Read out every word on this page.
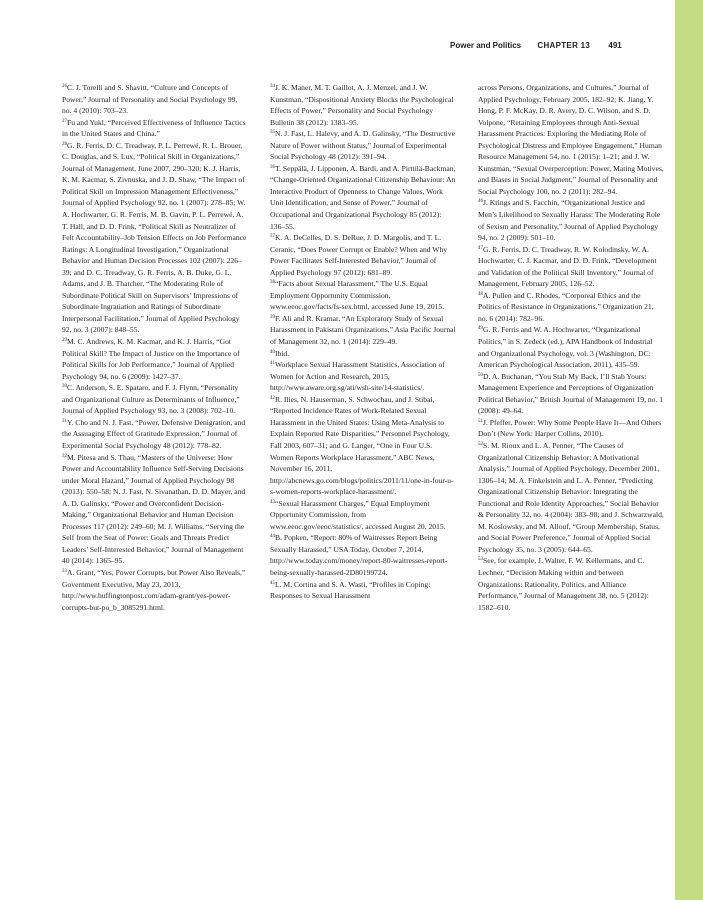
Power and Politics CHAPTER 13 491

$^{26}$C. J. Torelli and S. Shavitt, “Culture and Concepts of Power,” Journal of Personality and Social Psychology 99, no. 4 (2010): 703–23.

$^{27}$Fu and Yukl, “Perceived Effectiveness of Influence Tactics in the United States and China.”

$^{28}$G. R. Ferris, D. C. Treadway, P. L. Perrewé, R. L. Brouer, C. Douglas, and S. Lux, “Political Skill in Organizations,” Journal of Management, June 2007, 290–320; K. J. Harris, K. M. Kacmar, S. Zivnuska, and J. D. Shaw, “The Impact of Political Skill on Impression Management Effectiveness,” Journal of Applied Psychology 92, no. 1 (2007): 278–85; W. A. Hochwarter, G. R. Ferris, M. B. Gavin, P. L. Perrewé, A. T. Hall, and D. D. Frink, “Political Skill as Neutralizer of Felt Accountability–Job Tension Effects on Job Performance Ratings: A Longitudinal Investigation,” Organizational Behavior and Human Decision Processes 102 (2007): 226–39; and D. C. Treadway, G. R. Ferris, A. B. Duke, G. L. Adams, and J. B. Thatcher, “The Moderating Role of Subordinate Political Skill on Supervisors’ Impressions of Subordinate Ingratiation and Ratings of Subordinate Interpersonal Facilitation,” Journal of Applied Psychology 92, no. 3 (2007): 848–55.

$^{29}$M. C. Andrews, K. M. Kacmar, and K. J. Harris, “Got Political Skill? The Impact of Justice on the Importance of Political Skills for Job Performance,” Journal of Applied Psychology 94, no. 6 (2009): 1427–37.

$^{30}$C. Anderson, S. E. Spataro, and F. J. Flynn, “Personality and Organizational Culture as Determinants of Influence,” Journal of Applied Psychology 93, no. 3 (2008): 702–10.

$^{31}$Y. Cho and N. J. Fast, “Power, Defensive Denigration, and the Assuaging Effect of Gratitude Expression,” Journal of Experimental Social Psychology 48 (2012): 778–82.

$^{32}$M. Pitesa and S. Thau, “Masters of the Universe: How Power and Accountability Influence Self-Serving Decisions under Moral Hazard,” Journal of Applied Psychology 98 (2013): 550–58; N. J. Fast, N. Sivanathan, D. D. Mayer, and A. D. Galinsky, “Power and Overconfident Decision-Making,” Organizational Behavior and Human Decision Processes 117 (2012): 249–60; M. J. Williams, “Serving the Self from the Seat of Power: Goals and Threats Predict Leaders’ Self-Interested Behavior,” Journal of Management 40 (2014): 1365–95.

$^{33}$A. Grant, “Yes, Power Corrupts, but Power Also Reveals,” Government Executive, May 23, 2013, http://www.huffingtonpost.com/adam-grant/yes-power-corrupts-but-po_b_3085291.html.

$^{34}$J. K. Maner, M. T. Gaillot, A. J. Menzel, and J. W. Kunstman, “Dispositional Anxiety Blocks the Psychological Effects of Power,” Personality and Social Psychology Bulletin 38 (2012): 1383–95.

$^{35}$N. J. Fast, L. Halevy, and A. D. Galinsky, “The Destructive Nature of Power without Status,” Journal of Experimental Social Psychology 48 (2012): 391–94.

$^{36}$T. Seppälä, J. Lipponen, A. Bardi, and A. Pirttilä-Backman, “Change-Oriented Organizational Citizenship Behaviour: An Interactive Product of Openness to Change Values, Work Unit Identification, and Sense of Power,” Journal of Occupational and Organizational Psychology 85 (2012): 136–55.

$^{37}$K. A. DeCelles, D. S. DeRue, J. D. Margolis, and T. L. Ceranic, “Does Power Corrupt or Enable? When and Why Power Facilitates Self-Interested Behavior,” Journal of Applied Psychology 97 (2012): 681–89.

$^{38}$“Facts about Sexual Harassment,” The U.S. Equal Employment Opportunity Commission, www.eeoc.gov/facts/fs-sex.html, accessed June 19, 2015.

$^{39}$F. Ali and R. Kramar, “An Exploratory Study of Sexual Harassment in Pakistani Organizations,” Asia Pacific Journal of Management 32, no. 1 (2014): 229–49.

$^{40}$Ibid.

$^{41}$Workplace Sexual Harassment Statistics, Association of Women for Action and Research, 2015, http://www.aware.org.sg/ati/wsh-site/14-statistics/.

$^{42}$R. Ilies, N. Hauserman, S. Schwochau, and J. Stibal, “Reported Incidence Rates of Work-Related Sexual Harassment in the United States: Using Meta-Analysis to Explain Reported Rate Disparities,” Personnel Psychology, Fall 2003, 607–31; and G. Langer, “One in Four U.S. Women Reports Workplace Harassment,” ABC News, November 16, 2011, http://abcnews.go.com/blogs/politics/2011/11/one-in-four-u-s-women-reports-workplace-harassment/.

$^{43}$“Sexual Harassment Charges,” Equal Employment Opportunity Commission, from www.eeoc.gov/eeoc/statistics/, accessed August 20, 2015.

$^{44}$B. Popken, “Report: 80% of Waitresses Report Being Sexually Harassed,” USA Today, October 7, 2014, http://www.today.com/money/report-80-waitresses-report-being-sexually-harassed-2D80199724.

$^{45}$L. M. Cortina and S. A. Wasti, “Profiles in Coping: Responses to Sexual Harassment

across Persons, Organizations, and Cultures,” Journal of Applied Psychology, February 2005, 182–92; K. Jiang, Y. Hong, P. F. McKay, D. R. Avery, D. C. Wilson, and S. D. Volpone, “Retaining Employees through Anti-Sexual Harassment Practices: Exploring the Mediating Role of Psychological Distress and Employee Engagement,” Human Resource Management 54, no. 1 (2015): 1–21; and J. W. Kunstman, “Sexual Overperception: Power, Mating Motives, and Biases in Social Judgment,” Journal of Personality and Social Psychology 100, no. 2 (2011): 282–94.

$^{46}$J. Krings and S. Facchin, “Organizational Justice and Men’s Likelihood to Sexually Harass: The Moderating Role of Sexism and Personality,” Journal of Applied Psychology 94, no. 2 (2009): 501–10.

$^{47}$G. R. Ferris, D. C. Treadway, R. W. Kolodinsky, W. A. Hochwarter, C. J. Kacmar, and D. D. Frink, “Development and Validation of the Political Skill Inventory,” Journal of Management, February 2005, 126–52.

$^{48}$A. Pullen and C. Rhodes, “Corporeal Ethics and the Politics of Resistance in Organizations,” Organization 21, no. 6 (2014): 782–96.

$^{49}$G. R. Ferris and W. A. Hochwarter, “Organizational Politics,” in S. Zedeck (ed.), APA Handbook of Industrial and Organizational Psychology, vol. 3 (Washington, DC: American Psychological Association, 2011), 435–59.

$^{50}$D. A. Buchanan, “You Stab My Back, I’ll Stab Yours: Management Experience and Perceptions of Organization Political Behavior,” British Journal of Management 19, no. 1 (2008): 49–64.

$^{51}$J. Pfeffer, Power: Why Some People Have It—And Others Don’t (New York: Harper Collins, 2010).

$^{52}$S. M. Rioux and L. A. Penner, “The Causes of Organizational Citizenship Behavior: A Motivational Analysis,” Journal of Applied Psychology, December 2001, 1306–14; M. A. Finkelstein and L. A. Penner, “Predicting Organizational Citizenship Behavior: Integrating the Functional and Role Identity Approaches,” Social Behavior & Personality 32, no. 4 (2004): 383–98; and J. Schwarzwald, M. Koslowsky, and M. Allouf, “Group Membership, Status, and Social Power Preference,” Journal of Applied Social Psychology 35, no. 3 (2005): 644–65.

$^{53}$See, for example, J. Walter, F. W. Kellermans, and C. Lechner, “Decision Making within and between Organizations: Rationality, Politics, and Alliance Performance,” Journal of Management 38, no. 5 (2012): 1582–610.
